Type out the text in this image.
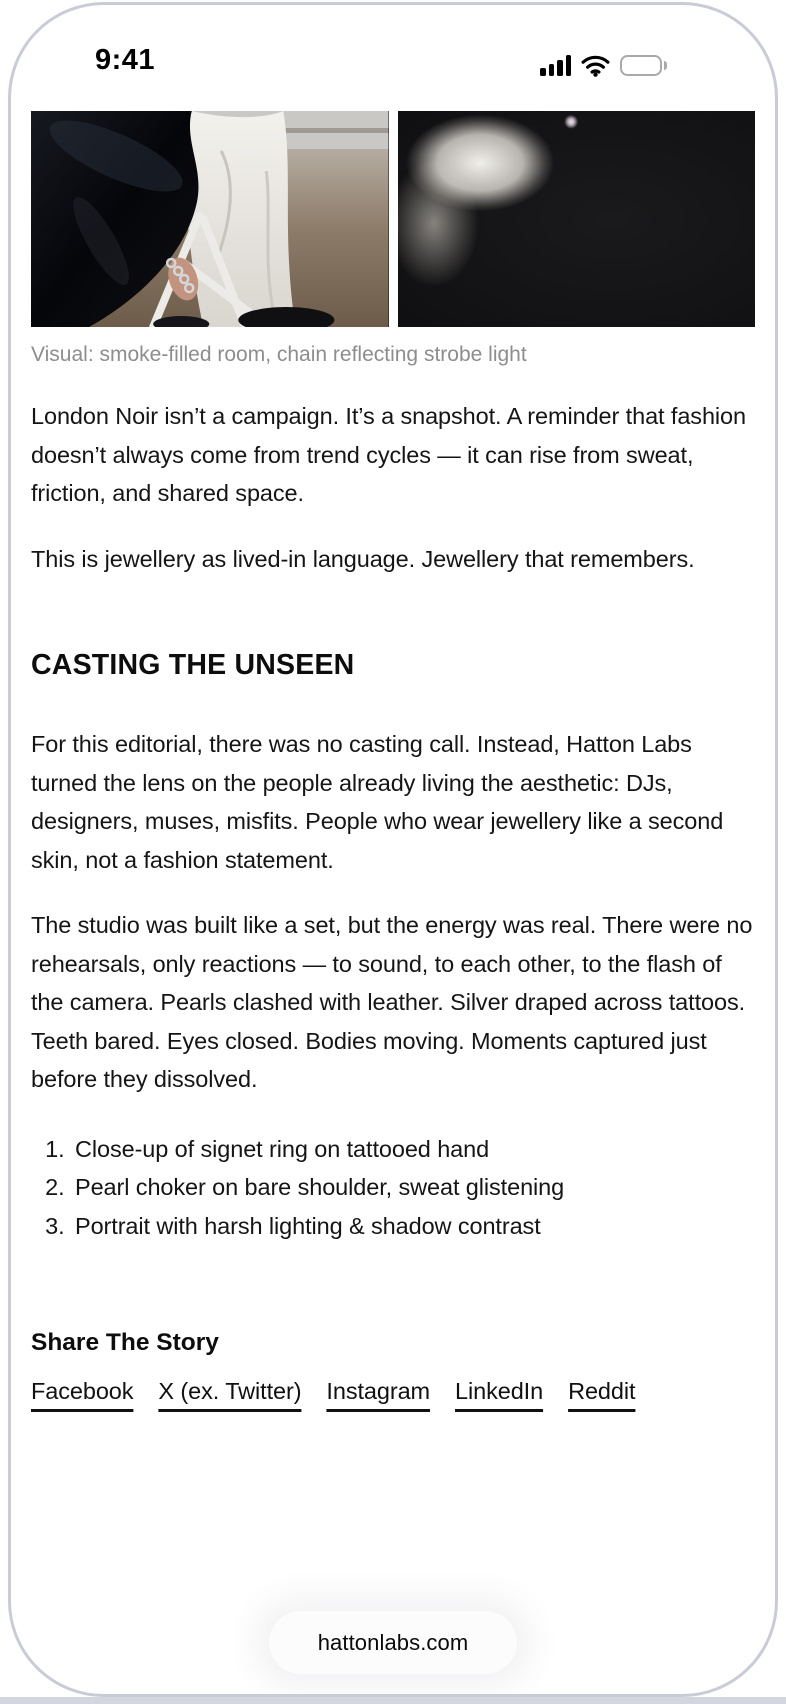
9:41
Visual: smoke-filled room, chain reflecting strobe light

London Noir isn’t a campaign. It’s a snapshot. A reminder that fashion doesn’t always come from trend cycles — it can rise from sweat, friction, and shared space.

This is jewellery as lived-in language. Jewellery that remembers.

CASTING THE UNSEEN

For this editorial, there was no casting call. Instead, Hatton Labs turned the lens on the people already living the aesthetic: DJs, designers, muses, misfits. People who wear jewellery like a second skin, not a fashion statement.

The studio was built like a set, but the energy was real. There were no rehearsals, only reactions — to sound, to each other, to the flash of the camera. Pearls clashed with leather. Silver draped across tattoos. Teeth bared. Eyes closed. Bodies moving. Moments captured just before they dissolved.

1. Close-up of signet ring on tattooed hand
2. Pearl choker on bare shoulder, sweat glistening
3. Portrait with harsh lighting & shadow contrast
Share The Story
Facebook X (ex. Twitter) Instagram LinkedIn Reddit
hattonlabs.com
